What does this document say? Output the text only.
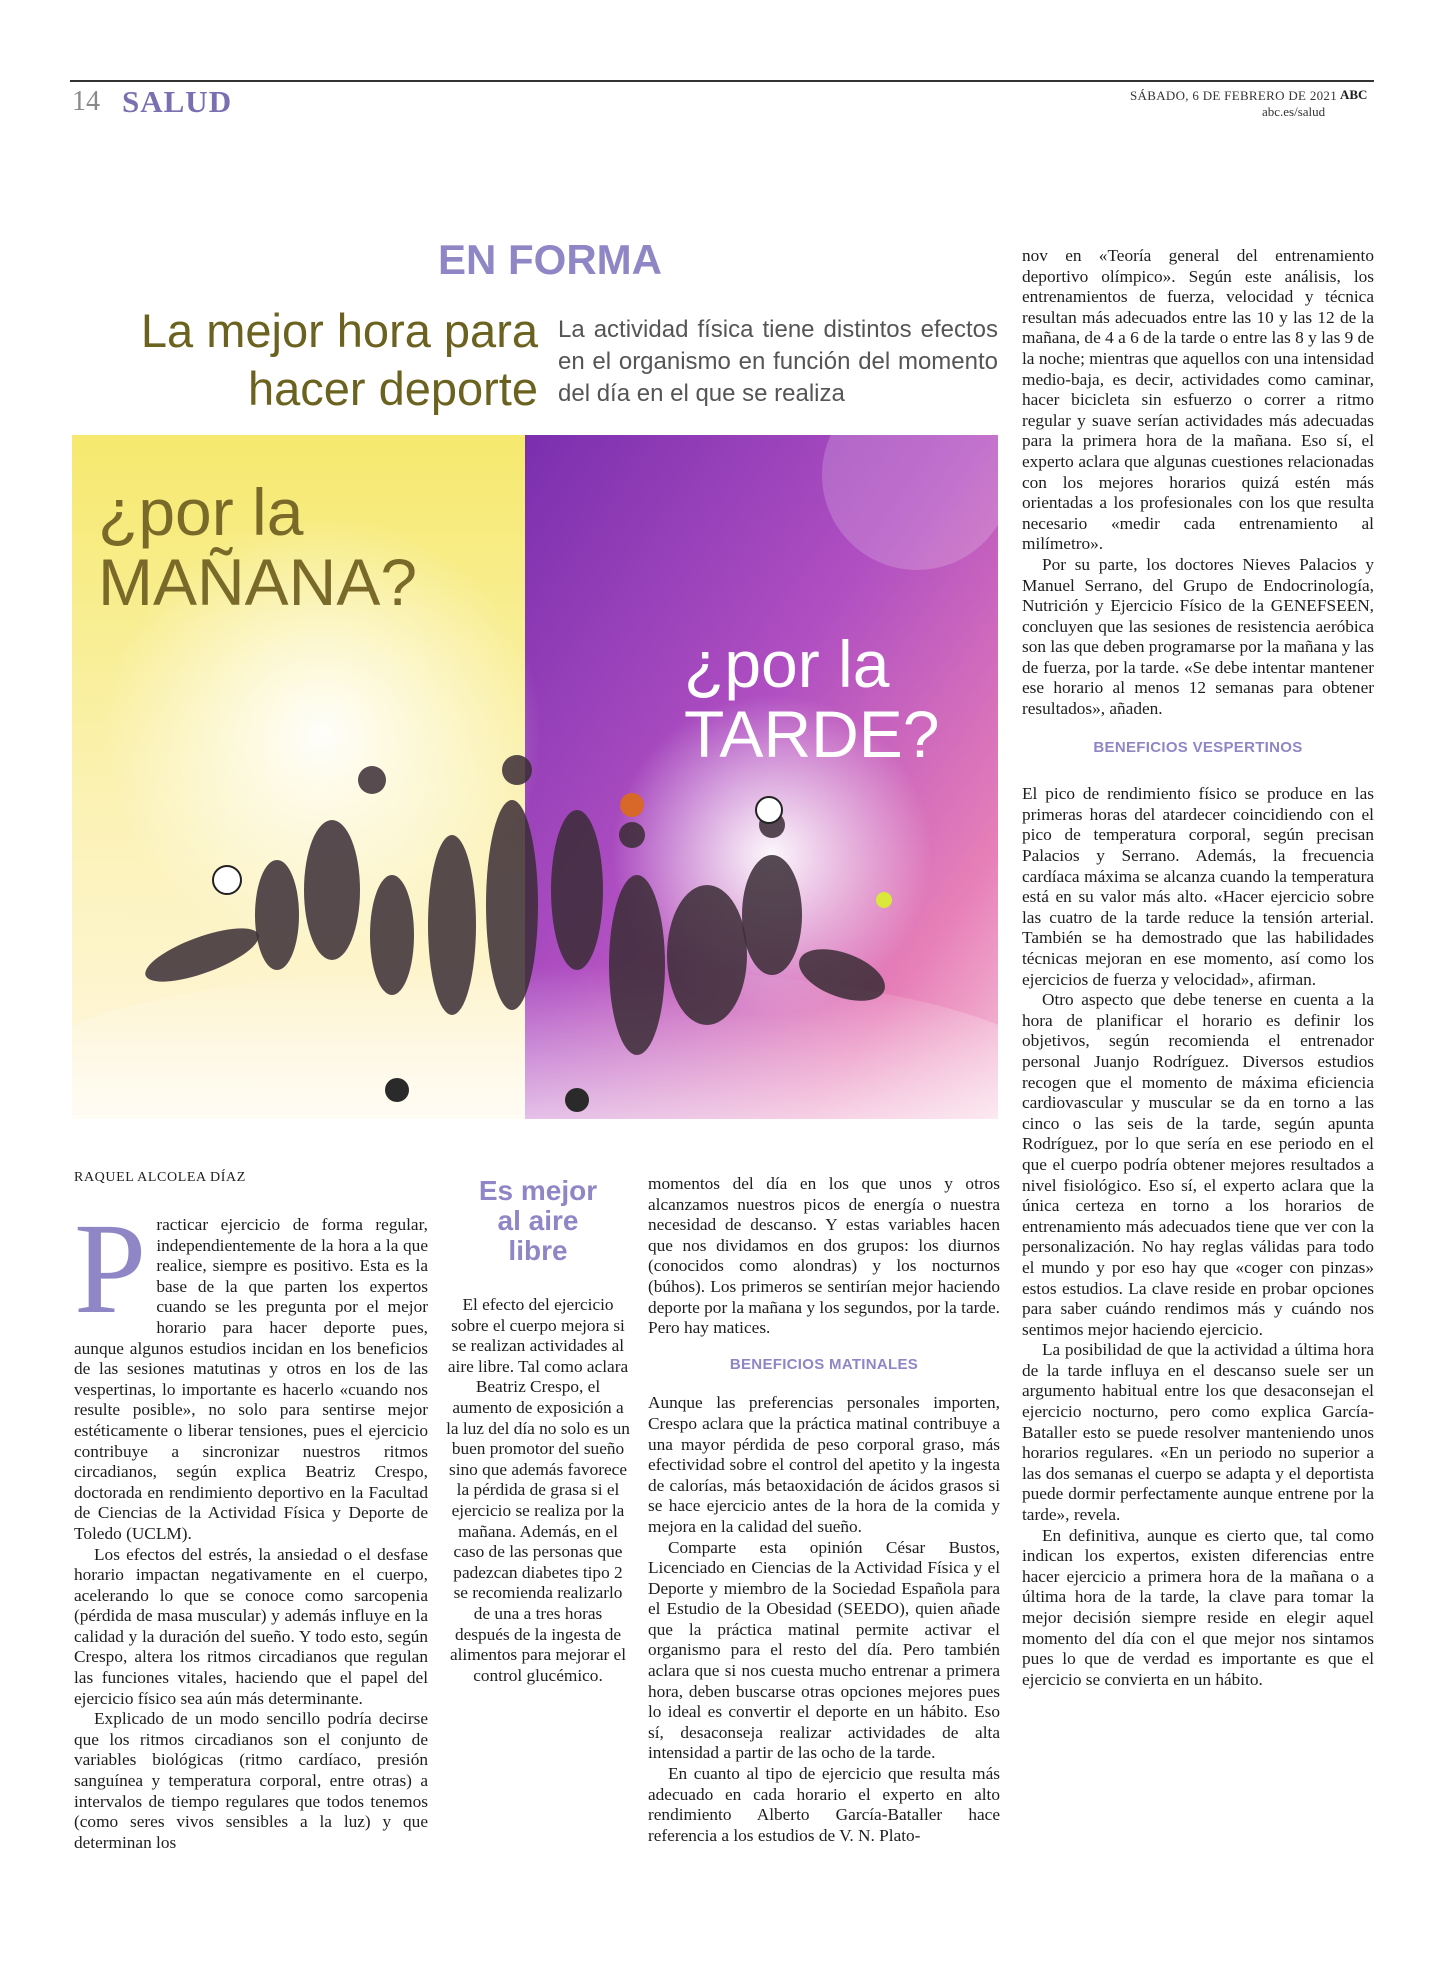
14 SALUD	SÁBADO, 6 DE FEBRERO DE 2021 ABC
abc.es/salud
EN FORMA
La mejor hora para
hacer deporte
La actividad física tiene distintos efectos en el organismo en función del momento del día en el que se realiza
¿por la
MAÑANA?
¿por la
TARDE?
RAQUEL ALCOLEA DÍAZ

Practicar ejercicio de forma regular, independientemente de la hora a la que realice, siempre es positivo. Esta es la base de la que parten los expertos cuando se les pregunta por el mejor horario para hacer deporte pues, aunque algunos estudios incidan en los beneficios de las sesiones matutinas y otros en los de las vespertinas, lo importante es hacerlo «cuando nos resulte posible», no solo para sentirse mejor estéticamente o liberar tensiones, pues el ejercicio contribuye a sincronizar nuestros ritmos circadianos, según explica Beatriz Crespo, doctorada en rendimiento deportivo en la Facultad de Ciencias de la Actividad Física y Deporte de Toledo (UCLM).

Los efectos del estrés, la ansiedad o el desfase horario impactan negativamente en el cuerpo, acelerando lo que se conoce como sarcopenia (pérdida de masa muscular) y además influye en la calidad y la duración del sueño. Y todo esto, según Crespo, altera los ritmos circadianos que regulan las funciones vitales, haciendo que el papel del ejercicio físico sea aún más determinante.

Explicado de un modo sencillo podría decirse que los ritmos circadianos son el conjunto de variables biológicas (ritmo cardíaco, presión sanguínea y temperatura corporal, entre otras) a intervalos de tiempo regulares que todos tenemos (como seres vivos sensibles a la luz) y que determinan los

Es mejor
al aire
libre
El efecto del ejercicio sobre el cuerpo mejora si se realizan actividades al aire libre. Tal como aclara Beatriz Crespo, el aumento de exposición a la luz del día no solo es un buen promotor del sueño sino que además favorece la pérdida de grasa si el ejercicio se realiza por la mañana. Además, en el caso de las personas que padezcan diabetes tipo 2 se recomienda realizarlo de una a tres horas después de la ingesta de alimentos para mejorar el control glucémico.

momentos del día en los que unos y otros alcanzamos nuestros picos de energía o nuestra necesidad de descanso. Y estas variables hacen que nos dividamos en dos grupos: los diurnos (conocidos como alondras) y los nocturnos (búhos). Los primeros se sentirían mejor haciendo deporte por la mañana y los segundos, por la tarde. Pero hay matices.

BENEFICIOS MATINALES

Aunque las preferencias personales importen, Crespo aclara que la práctica matinal contribuye a una mayor pérdida de peso corporal graso, más efectividad sobre el control del apetito y la ingesta de calorías, más betaoxidación de ácidos grasos si se hace ejercicio antes de la hora de la comida y mejora en la calidad del sueño.

Comparte esta opinión César Bustos, Licenciado en Ciencias de la Actividad Física y el Deporte y miembro de la Sociedad Española para el Estudio de la Obesidad (SEEDO), quien añade que la práctica matinal permite activar el organismo para el resto del día. Pero también aclara que si nos cuesta mucho entrenar a primera hora, deben buscarse otras opciones mejores pues lo ideal es convertir el deporte en un hábito. Eso sí, desaconseja realizar actividades de alta intensidad a partir de las ocho de la tarde.

En cuanto al tipo de ejercicio que resulta más adecuado en cada horario el experto en alto rendimiento Alberto García-Bataller hace referencia a los estudios de V. N. Plato-

nov en «Teoría general del entrenamiento deportivo olímpico». Según este análisis, los entrenamientos de fuerza, velocidad y técnica resultan más adecuados entre las 10 y las 12 de la mañana, de 4 a 6 de la tarde o entre las 8 y las 9 de la noche; mientras que aquellos con una intensidad medio-baja, es decir, actividades como caminar, hacer bicicleta sin esfuerzo o correr a ritmo regular y suave serían actividades más adecuadas para la primera hora de la mañana. Eso sí, el experto aclara que algunas cuestiones relacionadas con los mejores horarios quizá estén más orientadas a los profesionales con los que resulta necesario «medir cada entrenamiento al milímetro».

Por su parte, los doctores Nieves Palacios y Manuel Serrano, del Grupo de Endocrinología, Nutrición y Ejercicio Físico de la GENEFSEEN, concluyen que las sesiones de resistencia aeróbica son las que deben programarse por la mañana y las de fuerza, por la tarde. «Se debe intentar mantener ese horario al menos 12 semanas para obtener resultados», añaden.

BENEFICIOS VESPERTINOS

El pico de rendimiento físico se produce en las primeras horas del atardecer coincidiendo con el pico de temperatura corporal, según precisan Palacios y Serrano. Además, la frecuencia cardíaca máxima se alcanza cuando la temperatura está en su valor más alto. «Hacer ejercicio sobre las cuatro de la tarde reduce la tensión arterial. También se ha demostrado que las habilidades técnicas mejoran en ese momento, así como los ejercicios de fuerza y velocidad», afirman.

Otro aspecto que debe tenerse en cuenta a la hora de planificar el horario es definir los objetivos, según recomienda el entrenador personal Juanjo Rodríguez. Diversos estudios recogen que el momento de máxima eficiencia cardiovascular y muscular se da en torno a las cinco o las seis de la tarde, según apunta Rodríguez, por lo que sería en ese periodo en el que el cuerpo podría obtener mejores resultados a nivel fisiológico. Eso sí, el experto aclara que la única certeza en torno a los horarios de entrenamiento más adecuados tiene que ver con la personalización. No hay reglas válidas para todo el mundo y por eso hay que «coger con pinzas» estos estudios. La clave reside en probar opciones para saber cuándo rendimos más y cuándo nos sentimos mejor haciendo ejercicio.

La posibilidad de que la actividad a última hora de la tarde influya en el descanso suele ser un argumento habitual entre los que desaconsejan el ejercicio nocturno, pero como explica García-Bataller esto se puede resolver manteniendo unos horarios regulares. «En un periodo no superior a las dos semanas el cuerpo se adapta y el deportista puede dormir perfectamente aunque entrene por la tarde», revela.

En definitiva, aunque es cierto que, tal como indican los expertos, existen diferencias entre hacer ejercicio a primera hora de la mañana o a última hora de la tarde, la clave para tomar la mejor decisión siempre reside en elegir aquel momento del día con el que mejor nos sintamos pues lo que de verdad es importante es que el ejercicio se convierta en un hábito.
